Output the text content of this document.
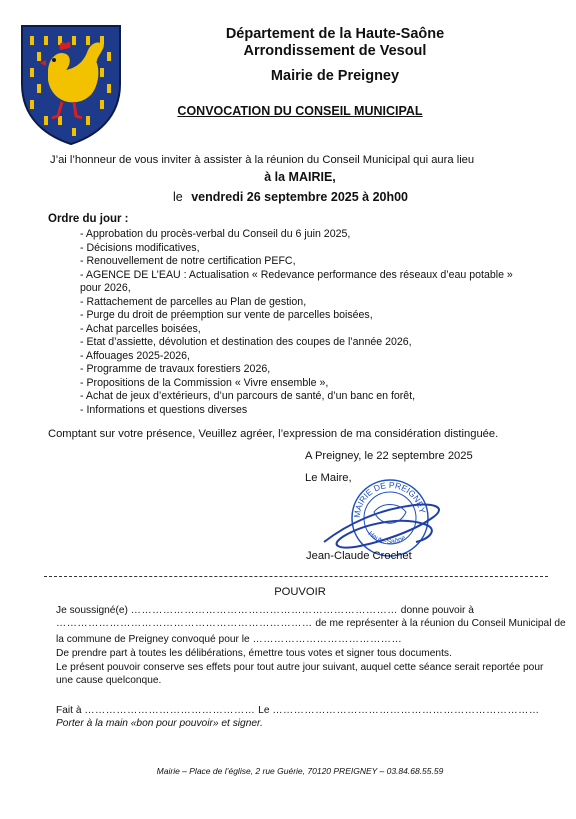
Département de la Haute-Saône
Arrondissement de Vesoul
Mairie de Preigney
CONVOCATION DU CONSEIL MUNICIPAL
J’ai l’honneur de vous inviter à assister à la réunion du Conseil Municipal qui aura lieu
à la MAIRIE,
le vendredi 26 septembre 2025 à 20h00
Ordre du jour :
- Approbation du procès-verbal du Conseil du 6 juin 2025,
- Décisions modificatives,
- Renouvellement de notre certification PEFC,
- AGENCE DE L’EAU : Actualisation « Redevance performance des réseaux d’eau potable » pour 2026,
- Rattachement de parcelles au Plan de gestion,
- Purge du droit de préemption sur vente de parcelles boisées,
- Achat parcelles boisées,
- Etat d’assiette, dévolution et destination des coupes de l’année 2026,
- Affouages 2025-2026,
- Programme de travaux forestiers 2026,
- Propositions de la Commission « Vivre ensemble »,
- Achat de jeux d’extérieurs, d’un parcours de santé, d’un banc en forêt,
- Informations et questions diverses
Comptant sur votre présence, Veuillez agréer, l’expression de ma considération distinguée.
A Preigney, le 22 septembre 2025
Le Maire,
MAIRIE DE PREIGNEY
Haute-Saône
Jean-Claude Crochet
POUVOIR
Je soussigné(e) ………………………………………………………………… donne pouvoir à
……………………………………………………………… de me représenter à la réunion du Conseil Municipal de
la commune de Preigney convoqué pour le ……………………………………
De prendre part à toutes les délibérations, émettre tous votes et signer tous documents.
Le présent pouvoir conserve ses effets pour tout autre jour suivant, auquel cette séance serait reportée pour une cause quelconque.
Fait à ………………………………………… Le …………………………………………………………………
Porter à la main «bon pour pouvoir» et signer.
Mairie – Place de l’église, 2 rue Guérie, 70120 PREIGNEY – 03.84.68.55.59
